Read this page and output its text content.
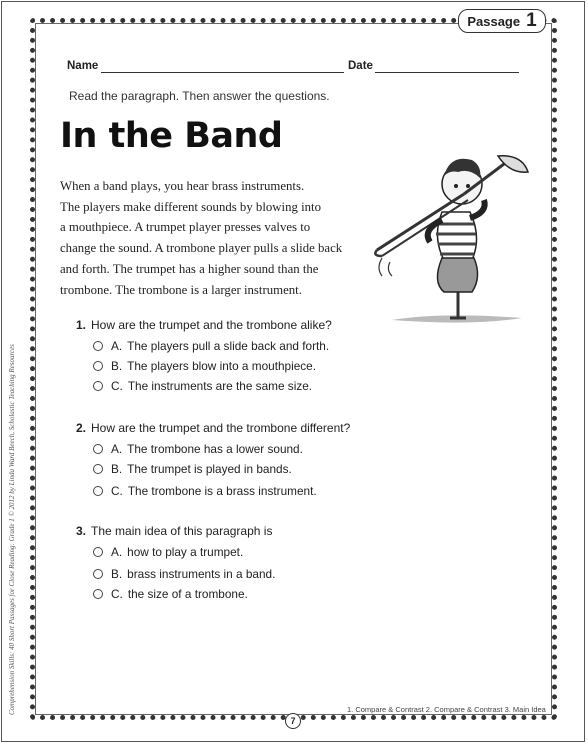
Passage 1
Name	Date
Read the paragraph. Then answer the questions.
In the Band
When a band plays, you hear brass instruments.
The players make different sounds by blowing into
a mouthpiece. A trumpet player presses valves to
change the sound. A trombone player pulls a slide back
and forth. The trumpet has a higher sound than the
trombone. The trombone is a larger instrument.
1. How are the trumpet and the trombone alike?
A. The players pull a slide back and forth.
B. The players blow into a mouthpiece.
C. The instruments are the same size.
2. How are the trumpet and the trombone different?
A. The trombone has a lower sound.
B. The trumpet is played in bands.
C. The trombone is a brass instrument.
3. The main idea of this paragraph is
A. how to play a trumpet.
B. brass instruments in a band.
C. the size of a trombone.
Comprehension Skills: 40 Short Passages for Close Reading: Grade 1 © 2012 by Linda Ward Beech, Scholastic Teaching Resources	1. Compare & Contrast 2. Compare & Contrast 3. Main Idea
7
